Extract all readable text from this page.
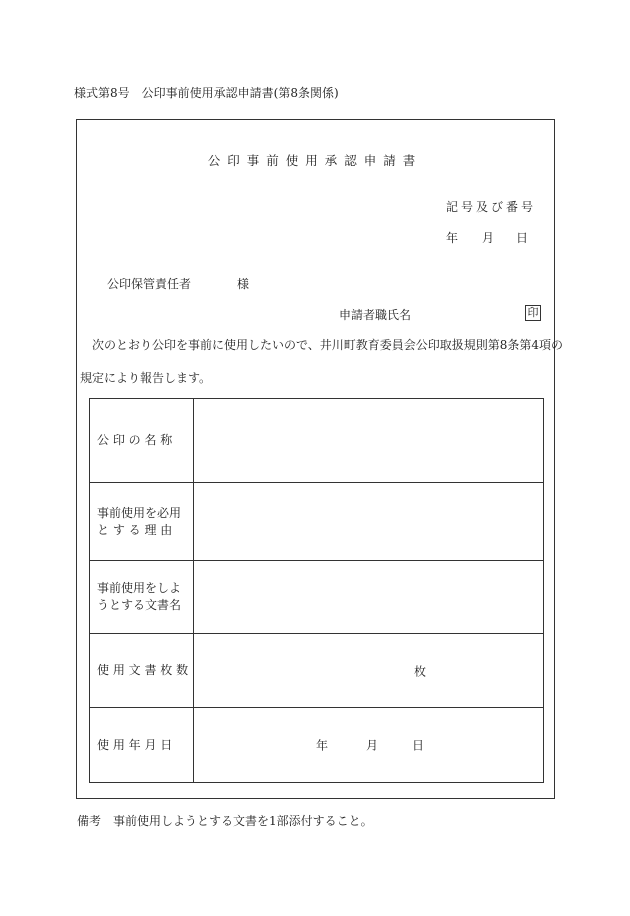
様式第8号　公印事前使用承認申請書(第8条関係)
公印事前使用承認申請書
記号及び番号
年 月 日
公印保管責任者	様
申請者職氏名	印
次のとおり公印を事前に使用したいので、井川町教育委員会公印取扱規則第8条第4項の
規定により報告します。
公 印 の 名 称
事前使用を必用
と す る 理 由
事前使用をしよ
うとする文書名
使 用 文 書 枚 数	枚
使 用 年 月 日	年	月	日
備考　事前使用しようとする文書を1部添付すること。
